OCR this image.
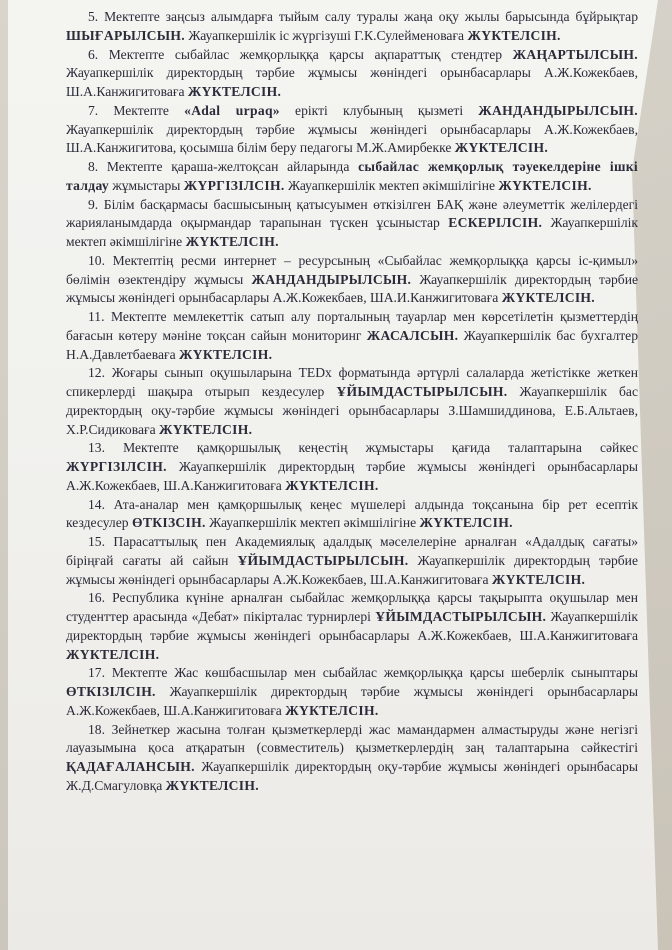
5. Мектепте заңсыз алымдарға тыйым салу туралы жаңа оқу жылы барысында бұйрықтар ШЫҒАРЫЛСЫН. Жауапкершілік іс жүргізуші Г.К.Сулейменоваға ЖҮКТЕЛСІН.

6. Мектепте сыбайлас жемқорлыққа қарсы ақпараттық стендтер ЖАҢАРТЫЛСЫН. Жауапкершілік директордың тәрбие жұмысы жөніндегі орынбасарлары А.Ж.Кожекбаев, Ш.А.Канжигитоваға ЖҮКТЕЛСІН.

7. Мектепте «Adal urpaq» ерікті клубының қызметі ЖАНДАНДЫРЫЛСЫН. Жауапкершілік директордың тәрбие жұмысы жөніндегі орынбасарлары А.Ж.Кожекбаев, Ш.А.Канжигитова, қосымша білім беру педагогы М.Ж.Амирбекке ЖҮКТЕЛСІН.

8. Мектепте қараша-желтоқсан айларында сыбайлас жемқорлық тәуекелдеріне ішкі талдау жұмыстары ЖҮРГІЗІЛСІН. Жауапкершілік мектеп әкімшілігіне ЖҮКТЕЛСІН.

9. Білім басқармасы басшысының қатысуымен өткізілген БАҚ және әлеуметтік желілердегі жарияланымдарда оқырмандар тарапынан түскен ұсыныстар ЕСКЕРІЛСІН. Жауапкершілік мектеп әкімшілігіне ЖҮКТЕЛСІН.

10. Мектептің ресми интернет – ресурсының «Сыбайлас жемқорлыққа қарсы іс-қимыл» бөлімін өзектендіру жұмысы ЖАНДАНДЫРЫЛСЫН. Жауапкершілік директордың тәрбие жұмысы жөніндегі орынбасарлары А.Ж.Кожекбаев, ША.И.Канжигитоваға ЖҮКТЕЛСІН.

11. Мектепте мемлекеттік сатып алу порталының тауарлар мен көрсетілетін қызметтердің бағасын көтеру мәніне тоқсан сайын мониторинг ЖАСАЛСЫН. Жауапкершілік бас бухгалтер Н.А.Давлетбаеваға ЖҮКТЕЛСІН.

12. Жоғары сынып оқушыларына TEDx форматында әртүрлі салаларда жетістікке жеткен спикерлерді шақыра отырып кездесулер ҰЙЫМДАСТЫРЫЛСЫН. Жауапкершілік бас директордың оқу-тәрбие жұмысы жөніндегі орынбасарлары З.Шамшиддинова, Е.Б.Альтаев, Х.Р.Сидиковаға ЖҮКТЕЛСІН.

13. Мектепте қамқоршылық кеңестің жұмыстары қағида талаптарына сәйкес ЖҮРГІЗІЛСІН. Жауапкершілік директордың тәрбие жұмысы жөніндегі орынбасарлары А.Ж.Кожекбаев, Ш.А.Канжигитоваға ЖҮКТЕЛСІН.

14. Ата-аналар мен қамқоршылық кеңес мүшелері алдында тоқсанына бір рет есептік кездесулер ӨТКІЗСІН. Жауапкершілік мектеп әкімшілігіне ЖҮКТЕЛСІН.

15. Парасаттылық пен Академиялық адалдық мәселелеріне арналған «Адалдық сағаты» біріңғай сағаты ай сайын ҰЙЫМДАСТЫРЫЛСЫН. Жауапкершілік директордың тәрбие жұмысы жөніндегі орынбасарлары А.Ж.Кожекбаев, Ш.А.Канжигитоваға ЖҮКТЕЛСІН.

16. Республика күніне арналған сыбайлас жемқорлыққа қарсы тақырыпта оқушылар мен студенттер арасында «Дебат» пікірталас турнирлері ҰЙЫМДАСТЫРЫЛСЫН. Жауапкершілік директордың тәрбие жұмысы жөніндегі орынбасарлары А.Ж.Кожекбаев, Ш.А.Канжигитоваға ЖҮКТЕЛСІН.

17. Мектепте Жас көшбасшылар мен сыбайлас жемқорлыққа қарсы шеберлік сыныптары ӨТКІЗІЛСІН. Жауапкершілік директордың тәрбие жұмысы жөніндегі орынбасарлары А.Ж.Кожекбаев, Ш.А.Канжигитоваға ЖҮКТЕЛСІН.

18. Зейнеткер жасына толған қызметкерлерді жас мамандармен алмастыруды және негізгі лауазымына қоса атқаратын (совместитель) қызметкерлердің заң талаптарына сәйкестігі ҚАДАҒАЛАНСЫН. Жауапкершілік директордың оқу-тәрбие жұмысы жөніндегі орынбасары Ж.Д.Смагуловқа ЖҮКТЕЛСІН.
